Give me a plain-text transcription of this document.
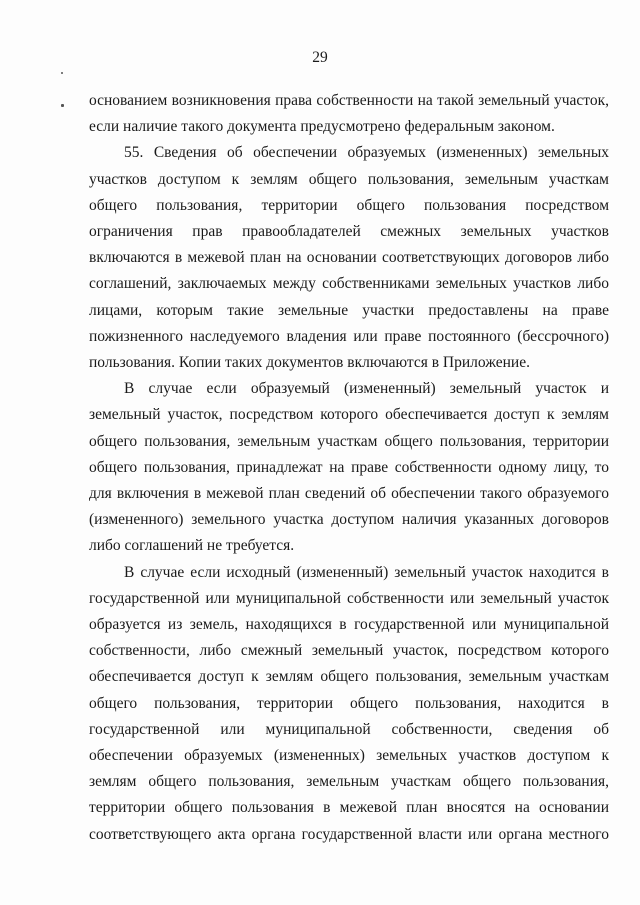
29

основанием возникновения права собственности на такой земельный участок, если наличие такого документа предусмотрено федеральным законом.

55. Сведения об обеспечении образуемых (измененных) земельных участков доступом к землям общего пользования, земельным участкам общего пользования, территории общего пользования посредством ограничения прав правообладателей смежных земельных участков включаются в межевой план на основании соответствующих договоров либо соглашений, заключаемых между собственниками земельных участков либо лицами, которым такие земельные участки предоставлены на праве пожизненного наследуемого владения или праве постоянного (бессрочного) пользования. Копии таких документов включаются в Приложение.

В случае если образуемый (измененный) земельный участок и земельный участок, посредством которого обеспечивается доступ к землям общего пользования, земельным участкам общего пользования, территории общего пользования, принадлежат на праве собственности одному лицу, то для включения в межевой план сведений об обеспечении такого образуемого (измененного) земельного участка доступом наличия указанных договоров либо соглашений не требуется.

В случае если исходный (измененный) земельный участок находится в государственной или муниципальной собственности или земельный участок образуется из земель, находящихся в государственной или муниципальной собственности, либо смежный земельный участок, посредством которого обеспечивается доступ к землям общего пользования, земельным участкам общего пользования, территории общего пользования, находится в государственной или муниципальной собственности, сведения об обеспечении образуемых (измененных) земельных участков доступом к землям общего пользования, земельным участкам общего пользования, территории общего пользования в межевой план вносятся на основании соответствующего акта органа государственной власти или органа местного
